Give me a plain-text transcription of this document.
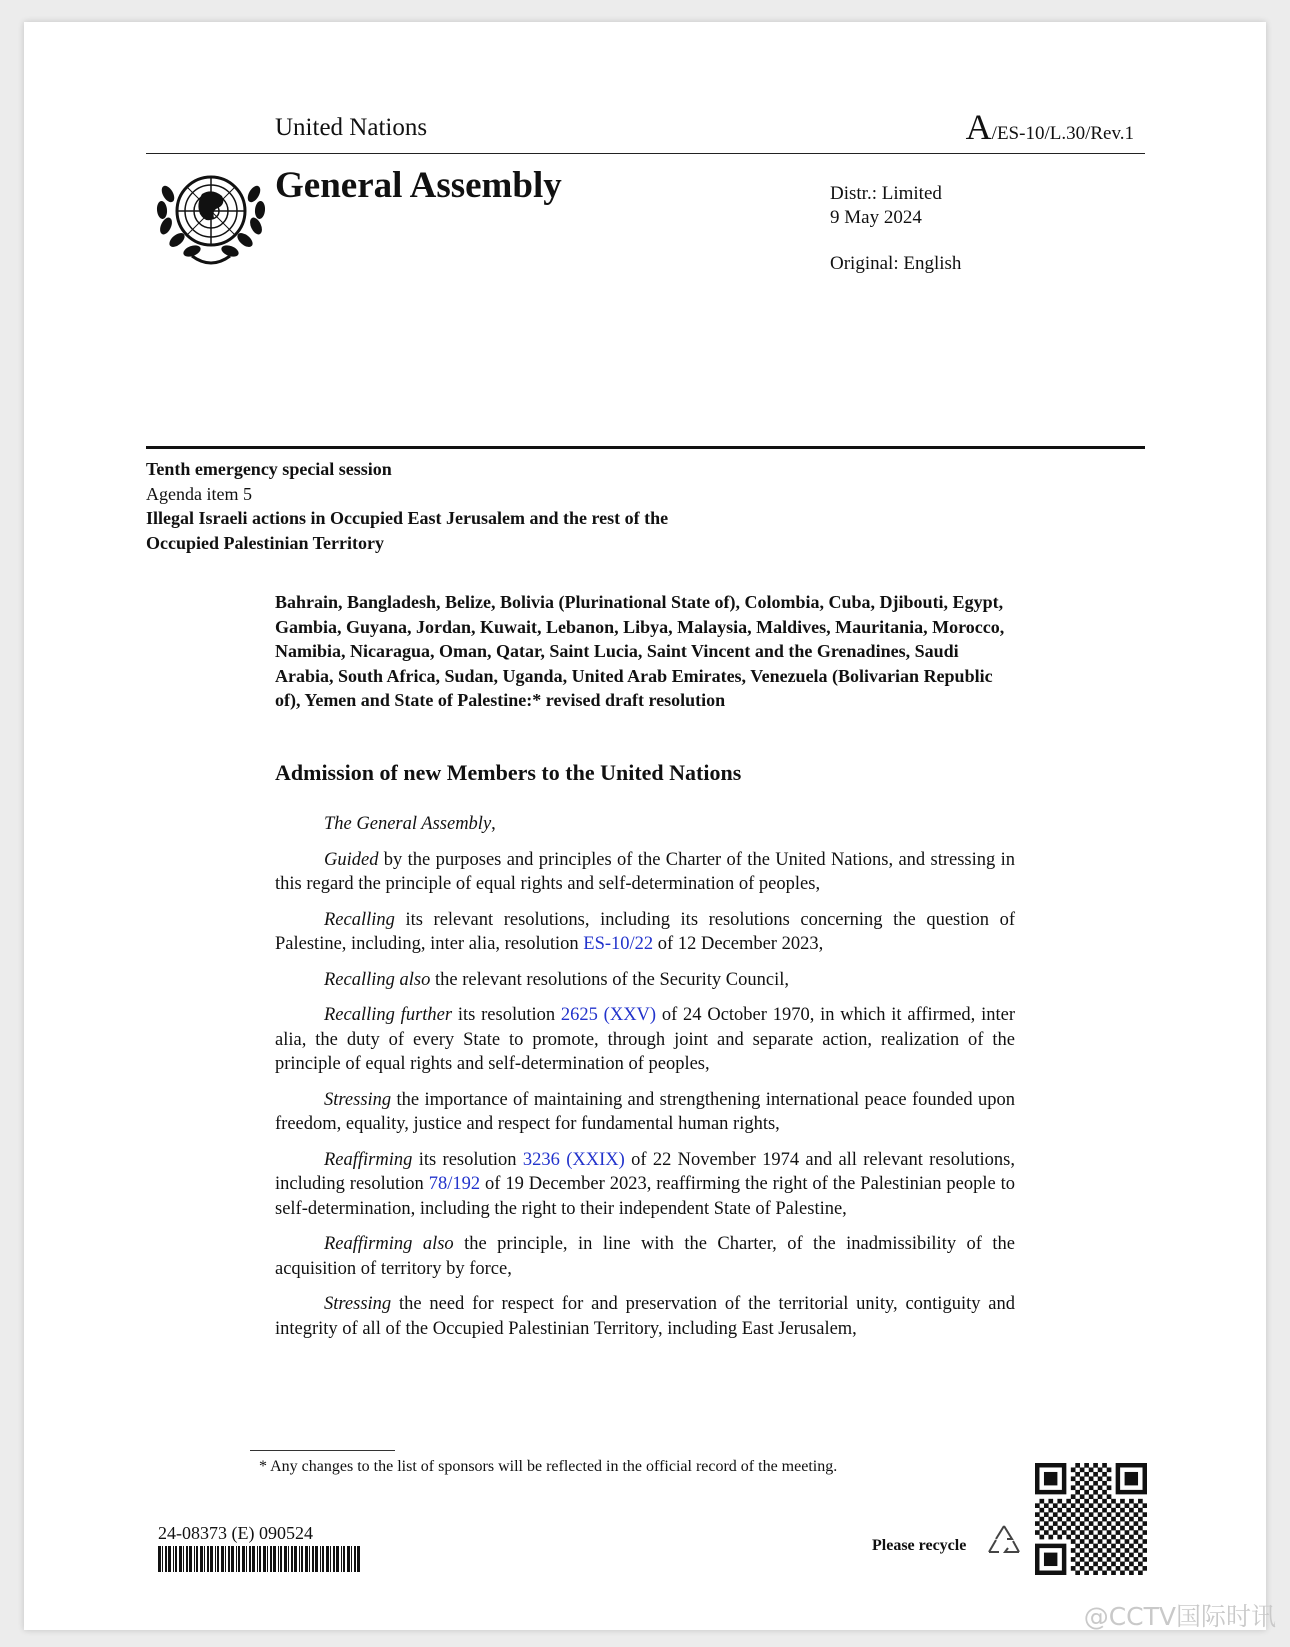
United Nations	A/ES-10/L.30/Rev.1
General Assembly	Distr.: Limited
9 May 2024
Original: English
Tenth emergency special session
Agenda item 5
Illegal Israeli actions in Occupied East Jerusalem and the rest of the Occupied Palestinian Territory
Bahrain, Bangladesh, Belize, Bolivia (Plurinational State of), Colombia, Cuba, Djibouti, Egypt, Gambia, Guyana, Jordan, Kuwait, Lebanon, Libya, Malaysia, Maldives, Mauritania, Morocco, Namibia, Nicaragua, Oman, Qatar, Saint Lucia, Saint Vincent and the Grenadines, Saudi Arabia, South Africa, Sudan, Uganda, United Arab Emirates, Venezuela (Bolivarian Republic of), Yemen and State of Palestine:* revised draft resolution
Admission of new Members to the United Nations

The General Assembly,

Guided by the purposes and principles of the Charter of the United Nations, and stressing in this regard the principle of equal rights and self-determination of peoples,

Recalling its relevant resolutions, including its resolutions concerning the question of Palestine, including, inter alia, resolution ES-10/22 of 12 December 2023,

Recalling also the relevant resolutions of the Security Council,

Recalling further its resolution 2625 (XXV) of 24 October 1970, in which it affirmed, inter alia, the duty of every State to promote, through joint and separate action, realization of the principle of equal rights and self-determination of peoples,

Stressing the importance of maintaining and strengthening international peace founded upon freedom, equality, justice and respect for fundamental human rights,

Reaffirming its resolution 3236 (XXIX) of 22 November 1974 and all relevant resolutions, including resolution 78/192 of 19 December 2023, reaffirming the right of the Palestinian people to self-determination, including the right to their independent State of Palestine,

Reaffirming also the principle, in line with the Charter, of the inadmissibility of the acquisition of territory by force,

Stressing the need for respect for and preservation of the territorial unity, contiguity and integrity of all of the Occupied Palestinian Territory, including East Jerusalem,

* Any changes to the list of sponsors will be reflected in the official record of the meeting.
24-08373 (E) 090524
Please recycle
@CCTV国际时讯
